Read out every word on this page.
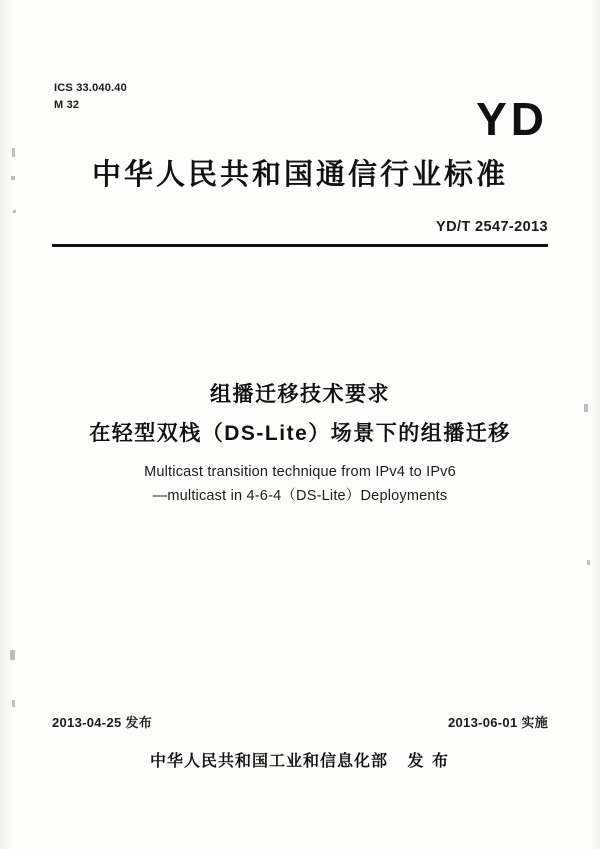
ICS 33.040.40
M 32	YD
中华人民共和国通信行业标准
YD/T 2547-2013
组播迁移技术要求
在轻型双栈（DS-Lite）场景下的组播迁移
Multicast transition technique from IPv4 to IPv6
—multicast in 4-6-4（DS-Lite）Deployments
2013-04-25 发布	2013-06-01 实施
中华人民共和国工业和信息化部 发 布
